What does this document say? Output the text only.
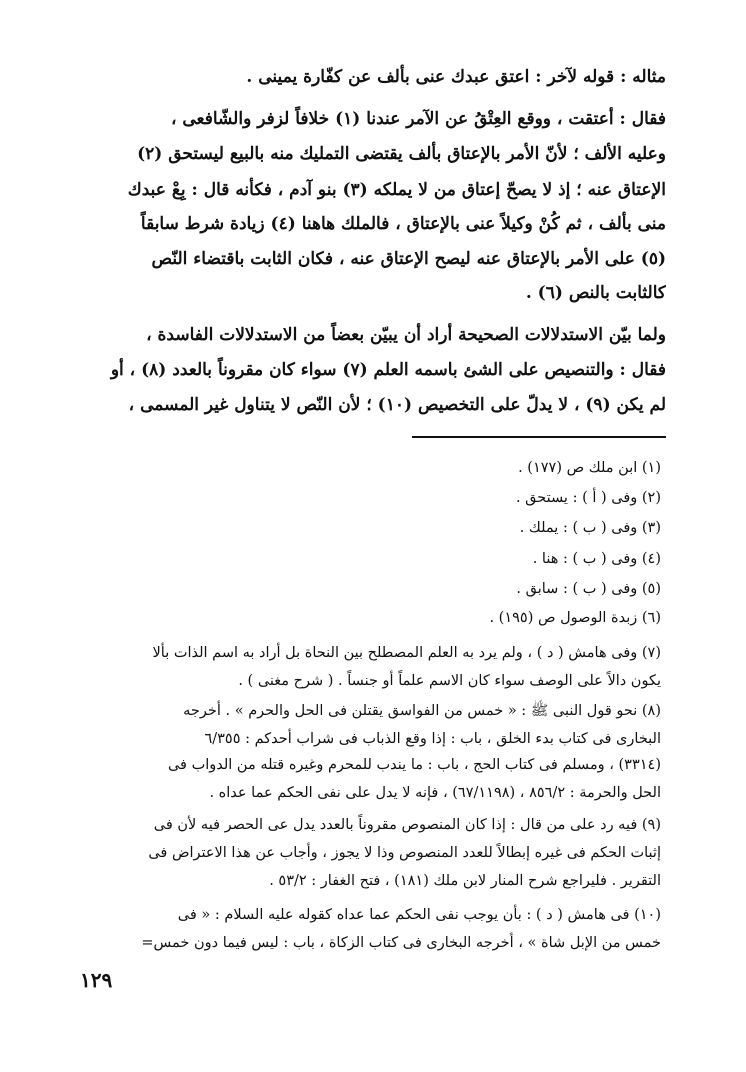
مثاله : قوله لآخر : اعتق عبدك عنى بألف عن كفّارة يمينى .
فقال : أعتقت ، ووقع العِتْقُ عن الآمر عندنا (١) خلافاً لزفر والشّافعى ،
وعليه الألف ؛ لأنّ الأمر بالإعتاق بألف يقتضى التمليك منه بالبيع ليستحق (٢)
الإعتاق عنه ؛ إذ لا يصحّ إعتاق من لا يملكه (٣) بنو آدم ، فكأنه قال : بِعْ عبدك
منى بألف ، ثم كُنْ وكيلاً عنى بالإعتاق ، فالملك هاهنا (٤) زيادة شرط سابقاً
(٥) على الأمر بالإعتاق عنه ليصح الإعتاق عنه ، فكان الثابت باقتضاء النّص
كالثابت بالنص (٦) .
ولما بيّن الاستدلالات الصحيحة أراد أن يبيّن بعضاً من الاستدلالات الفاسدة ،
فقال : والتنصيص على الشئ باسمه العلم (٧) سواء كان مقروناً بالعدد (٨) ، أو
لم يكن (٩) ، لا يدلّ على التخصيص (١٠) ؛ لأن النّص لا يتناول غير المسمى ،
(١) ابن ملك ص (١٧٧) .
(٢) وفى ( أ ) : يستحق .
(٣) وفى ( ب ) : يملك .
(٤) وفى ( ب ) : هنا .
(٥) وفى ( ب ) : سابق .
(٦) زبدة الوصول ص (١٩٥) .
(٧) وفى هامش ( د ) ، ولم يرد به العلم المصطلح بين النحاة بل أراد به اسم الذات بألا
يكون دالاً على الوصف سواء كان الاسم علماً أو جنساً . ( شرح مغنى ) .
(٨) نحو قول النبى ﷺ : « خمس من الفواسق يقتلن فى الحل والحرم » . أخرجه
البخارى فى كتاب بدء الخلق ، باب : إذا وقع الذباب فى شراب أحدكم : ٦/٣٥٥
(٣٣١٤) ، ومسلم فى كتاب الحج ، باب : ما يندب للمحرم وغيره قتله من الدواب فى
الحل والحرمة : ٨٥٦/٢ ، (٦٧/١١٩٨) ، فإنه لا يدل على نفى الحكم عما عداه .
(٩) فيه رد على من قال : إذا كان المنصوص مقروناً بالعدد يدل عى الحصر فيه لأن فى
إثبات الحكم فى غيره إبطالاً للعدد المنصوص وذا لا يجوز ، وأجاب عن هذا الاعتراض فى
التقرير . فليراجع شرح المنار لابن ملك (١٨١) ، فتح الغفار : ٥٣/٢ .
(١٠) فى هامش ( د ) : بأن يوجب نفى الحكم عما عداه كقوله عليه السلام : « فى
خمس من الإبل شاة » ، أخرجه البخارى فى كتاب الزكاة ، باب : ليس فيما دون خمس=
١٢٩
